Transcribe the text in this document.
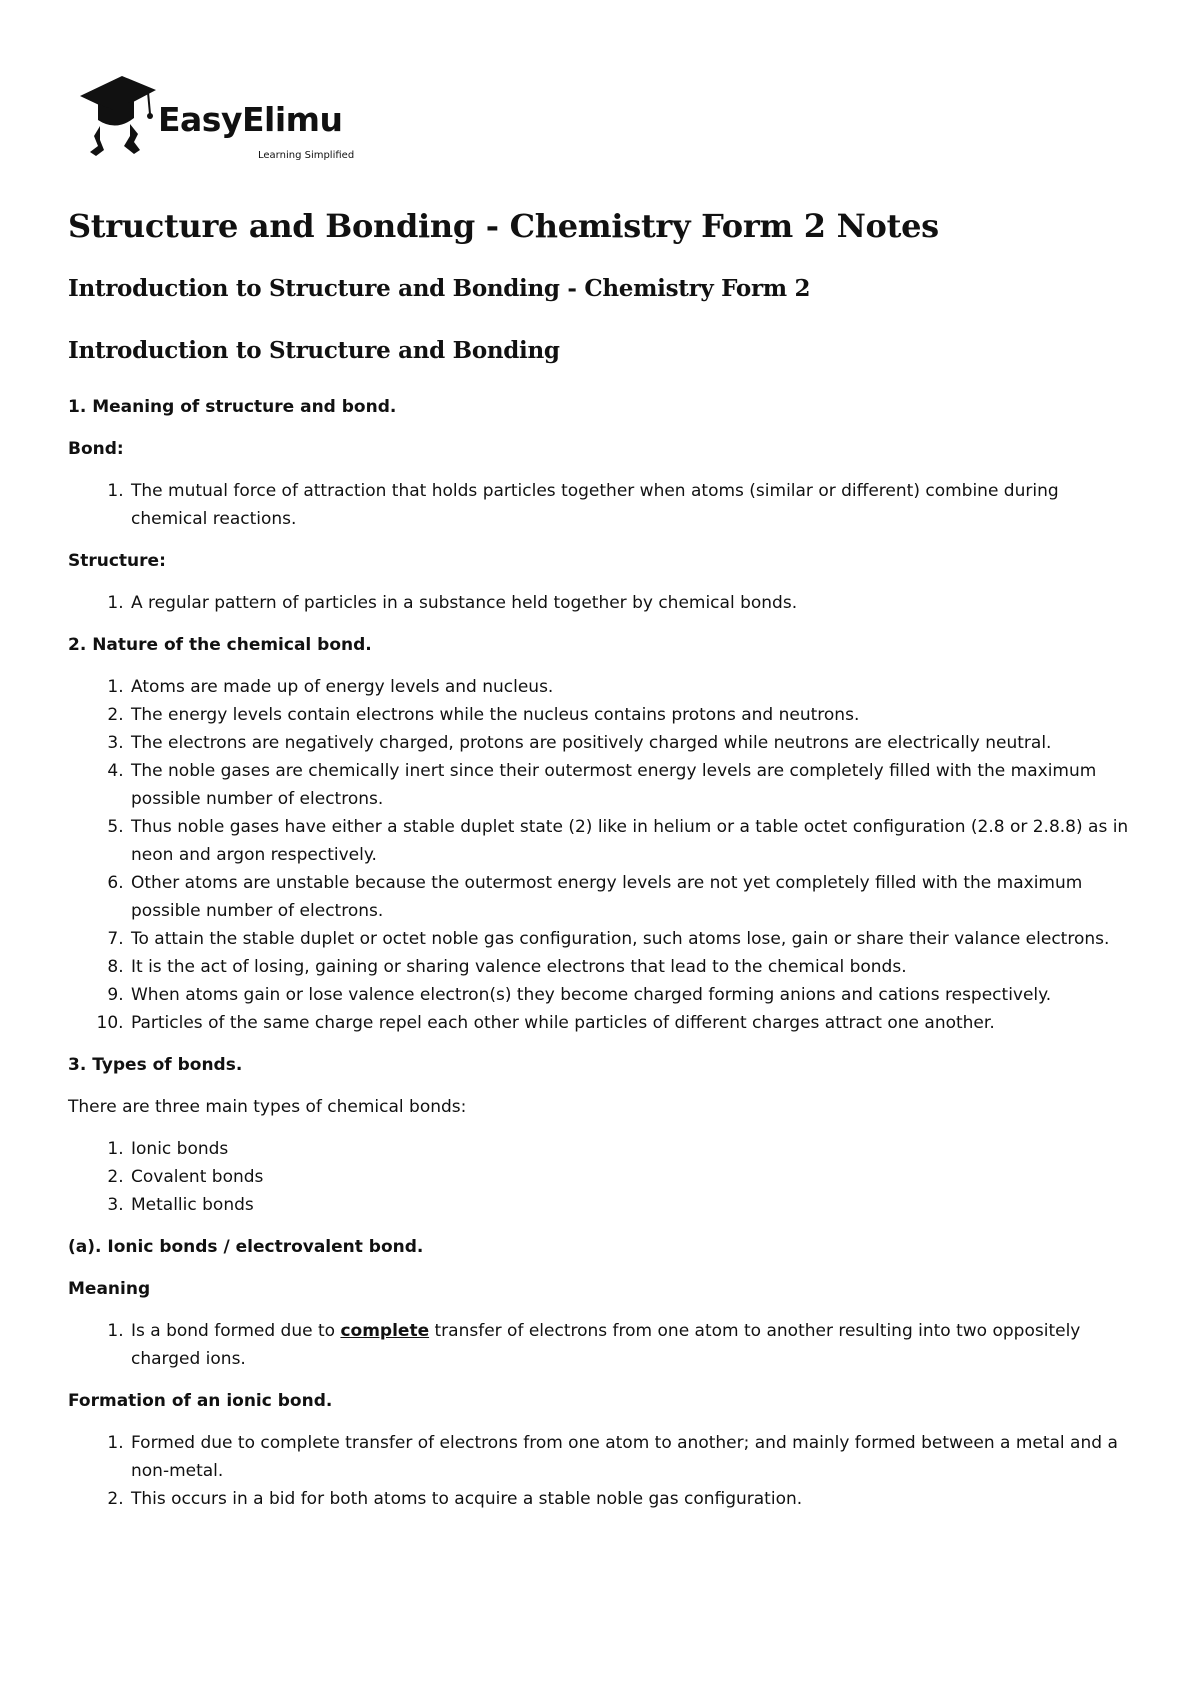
EasyElimu
Learning Simplified
Structure and Bonding - Chemistry Form 2 Notes
Introduction to Structure and Bonding - Chemistry Form 2
Introduction to Structure and Bonding
1. Meaning of structure and bond.
Bond:
1. The mutual force of attraction that holds particles together when atoms (similar or different) combine during chemical reactions.
Structure:
1. A regular pattern of particles in a substance held together by chemical bonds.
2. Nature of the chemical bond.
1. Atoms are made up of energy levels and nucleus.
2. The energy levels contain electrons while the nucleus contains protons and neutrons.
3. The electrons are negatively charged, protons are positively charged while neutrons are electrically neutral.
4. The noble gases are chemically inert since their outermost energy levels are completely filled with the maximum possible number of electrons.
5. Thus noble gases have either a stable duplet state (2) like in helium or a table octet configuration (2.8 or 2.8.8) as in neon and argon respectively.
6. Other atoms are unstable because the outermost energy levels are not yet completely filled with the maximum possible number of electrons.
7. To attain the stable duplet or octet noble gas configuration, such atoms lose, gain or share their valance electrons.
8. It is the act of losing, gaining or sharing valence electrons that lead to the chemical bonds.
9. When atoms gain or lose valence electron(s) they become charged forming anions and cations respectively.
10. Particles of the same charge repel each other while particles of different charges attract one another.
3. Types of bonds.

There are three main types of chemical bonds:

1. Ionic bonds
2. Covalent bonds
3. Metallic bonds
(a). Ionic bonds / electrovalent bond.
Meaning
1. Is a bond formed due to complete transfer of electrons from one atom to another resulting into two oppositely charged ions.
Formation of an ionic bond.
1. Formed due to complete transfer of electrons from one atom to another; and mainly formed between a metal and a non-metal.
2. This occurs in a bid for both atoms to acquire a stable noble gas configuration.
